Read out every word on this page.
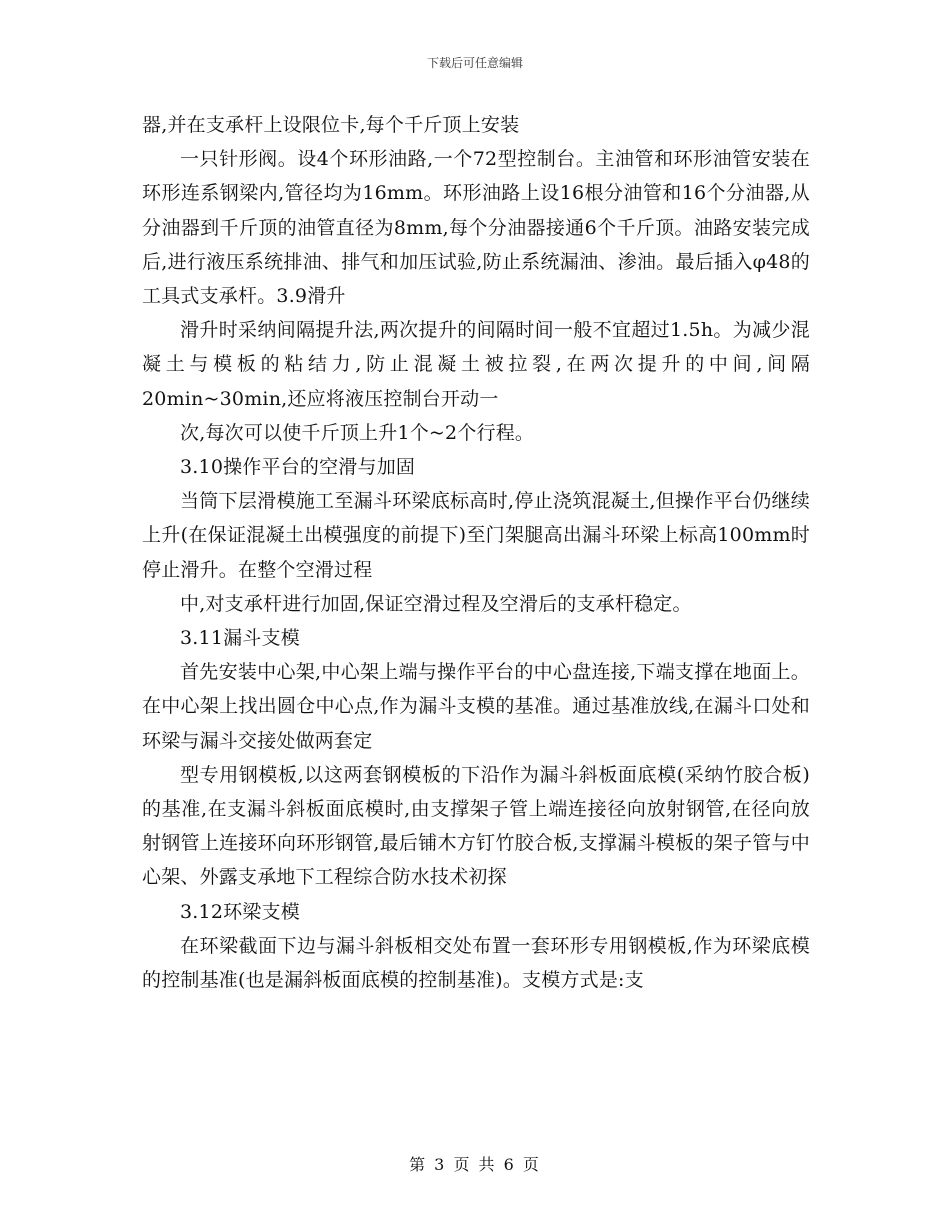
下载后可任意编辑

器,并在支承杆上设限位卡,每个千斤顶上安装

一只针形阀。设4个环形油路,一个72型控制台。主油管和环形油管安装在环形连系钢梁内,管径均为16mm。环形油路上设16根分油管和16个分油器,从分油器到千斤顶的油管直径为8mm,每个分油器接通6个千斤顶。油路安装完成后,进行液压系统排油、排气和加压试验,防止系统漏油、渗油。最后插入φ48的工具式支承杆。3.9滑升

滑升时采纳间隔提升法,两次提升的间隔时间一般不宜超过1.5h。为减少混凝土与模板的粘结力,防止混凝土被拉裂,在两次提升的中间,间隔20min~30min,还应将液压控制台开动一

次,每次可以使千斤顶上升1个~2个行程。

3.10操作平台的空滑与加固

当筒下层滑模施工至漏斗环梁底标高时,停止浇筑混凝土,但操作平台仍继续上升(在保证混凝土出模强度的前提下)至门架腿高出漏斗环梁上标高100mm时停止滑升。在整个空滑过程

中,对支承杆进行加固,保证空滑过程及空滑后的支承杆稳定。

3.11漏斗支模

首先安装中心架,中心架上端与操作平台的中心盘连接,下端支撑在地面上。在中心架上找出圆仓中心点,作为漏斗支模的基准。通过基准放线,在漏斗口处和环梁与漏斗交接处做两套定

型专用钢模板,以这两套钢模板的下沿作为漏斗斜板面底模(采纳竹胶合板)的基准,在支漏斗斜板面底模时,由支撑架子管上端连接径向放射钢管,在径向放射钢管上连接环向环形钢管,最后铺木方钉竹胶合板,支撑漏斗模板的架子管与中心架、外露支承地下工程综合防水技术初探

3.12环梁支模

在环梁截面下边与漏斗斜板相交处布置一套环形专用钢模板,作为环梁底模的控制基准(也是漏斜板面底模的控制基准)。支模方式是:支

第 3 页 共 6 页
